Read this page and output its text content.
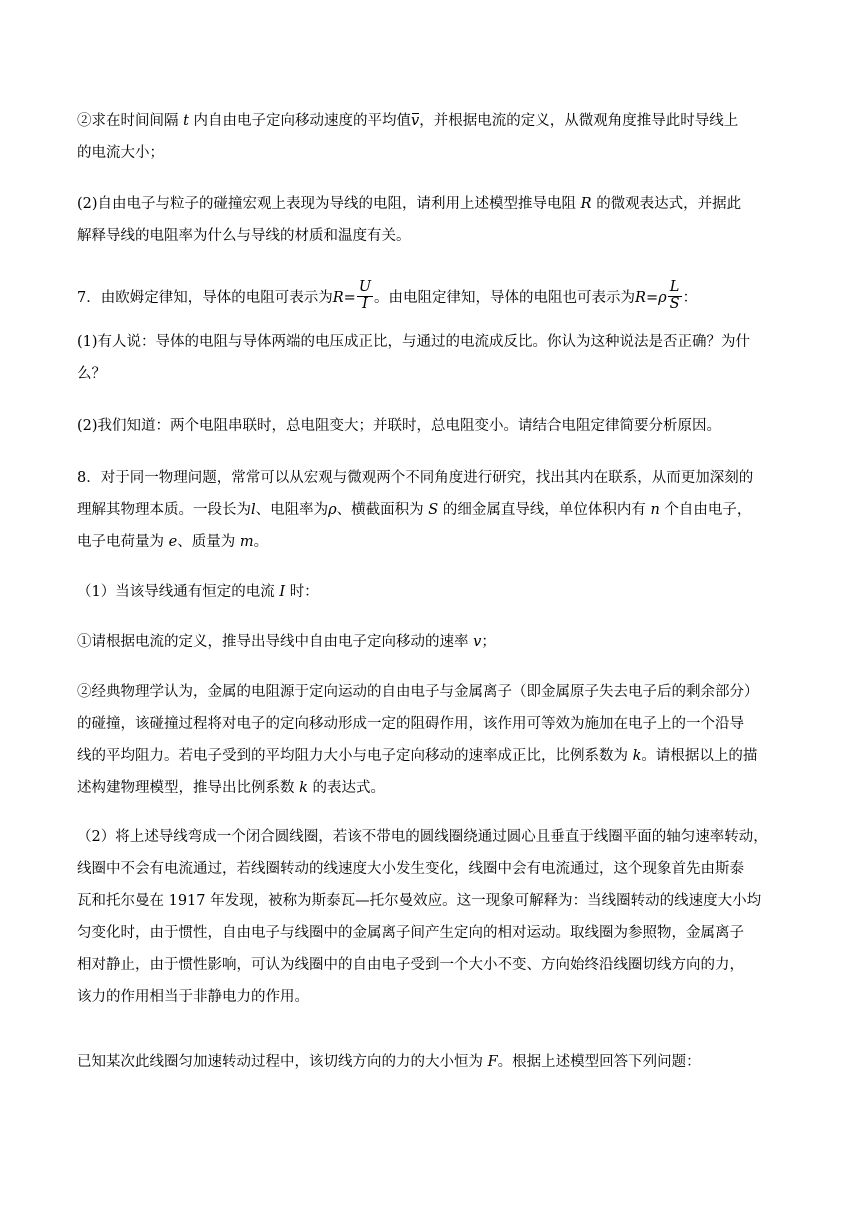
②求在时间间隔 t 内自由电子定向移动速度的平均值v，并根据电流的定义，从微观角度推导此时导线上
的电流大小；
(2)自由电子与粒子的碰撞宏观上表现为导线的电阻，请利用上述模型推导电阻 R 的微观表达式，并据此
解释导线的电阻率为什么与导线的材质和温度有关。
7．由欧姆定律知，导体的电阻可表示为$R= \frac{U}{I}$ 。由电阻定律知，导体的电阻也可表示为$R=\rho \frac{L}{S}$ ：
(1)有人说：导体的电阻与导体两端的电压成正比，与通过的电流成反比。你认为这种说法是否正确？为什
么？
(2)我们知道：两个电阻串联时，总电阻变大；并联时，总电阻变小。请结合电阻定律简要分析原因。
8．对于同一物理问题，常常可以从宏观与微观两个不同角度进行研究，找出其内在联系，从而更加深刻的
理解其物理本质。一段长为l、电阻率为ρ、横截面积为 S 的细金属直导线，单位体积内有 n 个自由电子，
电子电荷量为 e、质量为 m。
（1）当该导线通有恒定的电流 I 时：
①请根据电流的定义，推导出导线中自由电子定向移动的速率 v；
②经典物理学认为，金属的电阻源于定向运动的自由电子与金属离子（即金属原子失去电子后的剩余部分）
的碰撞，该碰撞过程将对电子的定向移动形成一定的阻碍作用，该作用可等效为施加在电子上的一个沿导
线的平均阻力。若电子受到的平均阻力大小与电子定向移动的速率成正比，比例系数为 k。请根据以上的描
述构建物理模型，推导出比例系数 k 的表达式。
（2）将上述导线弯成一个闭合圆线圈，若该不带电的圆线圈绕通过圆心且垂直于线圈平面的轴匀速率转动，
线圈中不会有电流通过，若线圈转动的线速度大小发生变化，线圈中会有电流通过，这个现象首先由斯泰
瓦和托尔曼在 1917 年发现，被称为斯泰瓦—托尔曼效应。这一现象可解释为：当线圈转动的线速度大小均
匀变化时，由于惯性，自由电子与线圈中的金属离子间产生定向的相对运动。取线圈为参照物，金属离子
相对静止，由于惯性影响，可认为线圈中的自由电子受到一个大小不变、方向始终沿线圈切线方向的力，
该力的作用相当于非静电力的作用。
已知某次此线圈匀加速转动过程中，该切线方向的力的大小恒为 F。根据上述模型回答下列问题：
